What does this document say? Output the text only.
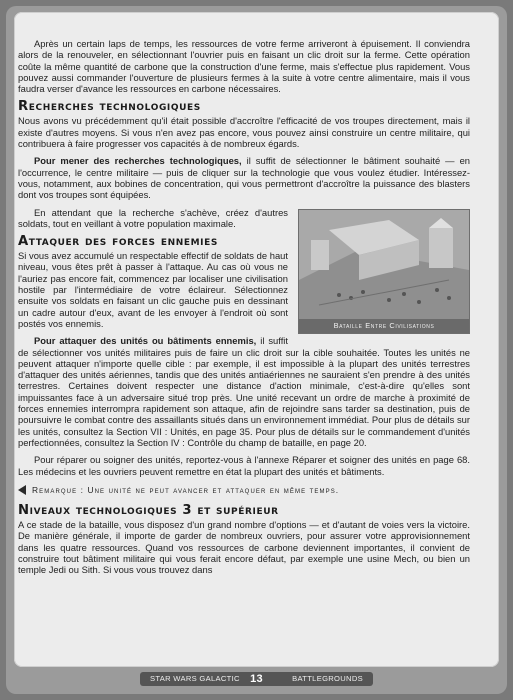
Après un certain laps de temps, les ressources de votre ferme arriveront à épuisement. Il conviendra alors de la renouveler, en sélectionnant l'ouvrier puis en faisant un clic droit sur la ferme. Cette opération coûte la même quantité de carbone que la construction d'une ferme, mais s'effectue plus rapidement. Vous pouvez aussi commander l'ouverture de plusieurs fermes à la suite à votre centre alimentaire, mais il vous faudra verser d'avance les ressources en carbone nécessaires.

Recherches technologiques

Nous avons vu précédemment qu'il était possible d'accroître l'efficacité de vos troupes directement, mais il existe d'autres moyens. Si vous n'en avez pas encore, vous pouvez ainsi construire un centre militaire, qui contribuera à faire progresser vos capacités à de nombreux égards.

Pour mener des recherches technologiques, il suffit de sélectionner le bâtiment souhaité — en l'occurrence, le centre militaire — puis de cliquer sur la technologie que vous voulez étudier. Intéressez-vous, notamment, aux bobines de concentration, qui vous permettront d'accroître la puissance des blasters dont vos troupes sont équipées.

Bataille Entre Civilisations

En attendant que la recherche s'achève, créez d'autres soldats, tout en veillant à votre population maximale.

Attaquer des forces ennemies

Si vous avez accumulé un respectable effectif de soldats de haut niveau, vous êtes prêt à passer à l'attaque. Au cas où vous ne l'auriez pas encore fait, commencez par localiser une civilisation hostile par l'intermédiaire de votre éclaireur. Sélectionnez ensuite vos soldats en faisant un clic gauche puis en dessinant un cadre autour d'eux, avant de les envoyer à l'endroit où sont postés vos ennemis.

Pour attaquer des unités ou bâtiments ennemis, il suffit de sélectionner vos unités militaires puis de faire un clic droit sur la cible souhaitée. Toutes les unités ne peuvent attaquer n'importe quelle cible : par exemple, il est impossible à la plupart des unités terrestres d'attaquer des unités aériennes, tandis que des unités antiaériennes ne sauraient s'en prendre à des unités terrestres. Certaines doivent respecter une distance d'action minimale, c'est-à-dire qu'elles sont impuissantes face à un adversaire situé trop près. Une unité recevant un ordre de marche à proximité de forces ennemies interrompra rapidement son attaque, afin de rejoindre sans tarder sa destination, puis de poursuivre le combat contre des assaillants situés dans un environnement immédiat. Pour plus de détails sur les unités, consultez la Section VII : Unités, en page 35. Pour plus de détails sur le commandement d'unités perfectionnées, consultez la Section IV : Contrôle du champ de bataille, en page 20.

Pour réparer ou soigner des unités, reportez-vous à l'annexe Réparer et soigner des unités en page 68. Les médecins et les ouvriers peuvent remettre en état la plupart des unités et bâtiments.

Remarque : Une unité ne peut avancer et attaquer en même temps.
Niveaux technologiques 3 et supérieur

A ce stade de la bataille, vous disposez d'un grand nombre d'options — et d'autant de voies vers la victoire. De manière générale, il importe de garder de nombreux ouvriers, pour assurer votre approvisionnement dans les quatre ressources. Quand vos ressources de carbone deviennent importantes, il convient de construire tout bâtiment militaire qui vous ferait encore défaut, par exemple une usine Mech, ou bien un temple Jedi ou Sith. Si vous vous trouvez dans

STAR WARS GALACTIC 13	BATTLEGROUNDS
